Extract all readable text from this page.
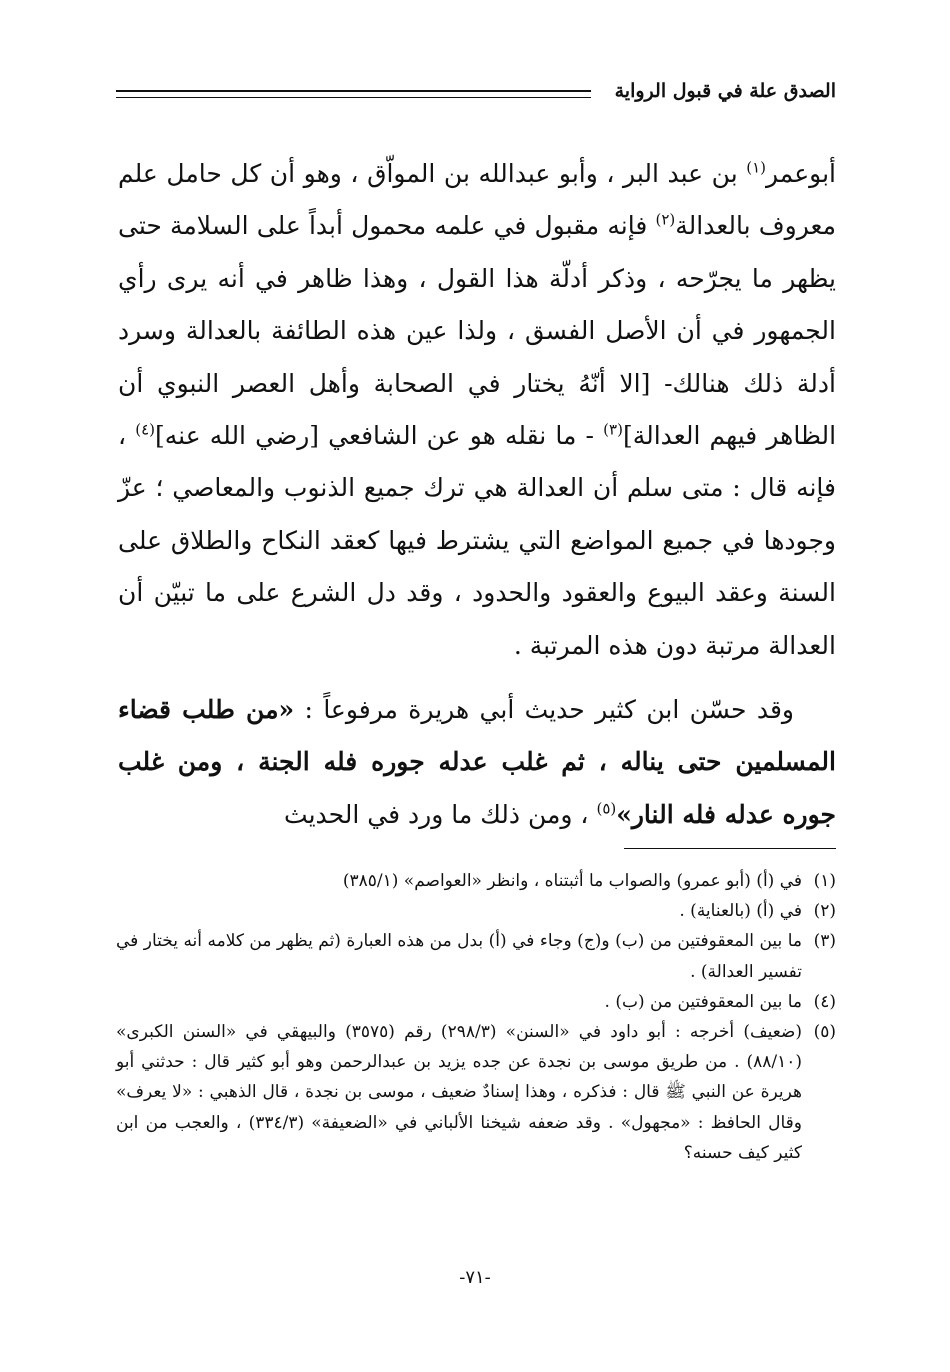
الصدق علة في قبول الرواية

أبوعمر$^{(١)}$ بن عبد البر ، وأبو عبدالله بن المواّق ، وهو أن كل حامل علم معروف بالعدالة$^{(٢)}$ فإنه مقبول في علمه محمول أبداً على السلامة حتى يظهر ما يجرّحه ، وذكر أدلّة هذا القول ، وهذا ظاهر في أنه يرى رأي الجمهور في أن الأصل الفسق ، ولذا عين هذه الطائفة بالعدالة وسرد أدلة ذلك هنالك- [الا أنّهُ يختار في الصحابة وأهل العصر النبوي أن الظاهر فيهم العدالة]$^{(٣)}$ - ما نقله هو عن الشافعي [رضي الله عنه]$^{(٤)}$ ، فإنه قال : متى سلم أن العدالة هي ترك جميع الذنوب والمعاصي ؛ عزّ وجودها في جميع المواضع التي يشترط فيها كعقد النكاح والطلاق على السنة وعقد البيوع والعقود والحدود ، وقد دل الشرع على ما تبيّن أن العدالة مرتبة دون هذه المرتبة .

وقد حسّن ابن كثير حديث أبي هريرة مرفوعاً : «من طلب قضاء المسلمين حتى يناله ، ثم غلب عدله جوره فله الجنة ، ومن غلب جوره عدله فله النار»$^{(٥)}$ ، ومن ذلك ما ورد في الحديث

(١)
في (أ) (أبو عمرو) والصواب ما أثبتناه ، وانظر «العواصم» (٣٨٥/١)
(٢)
في (أ) (بالعناية) .
(٣)
ما بين المعقوفتين من (ب) و(ج) وجاء في (أ) بدل من هذه العبارة (ثم يظهر من كلامه أنه يختار في تفسير العدالة) .
(٤)
ما بين المعقوفتين من (ب) .
(٥)
(ضعيف) أخرجه : أبو داود في «السنن» (٢٩٨/٣) رقم (٣٥٧٥) والبيهقي في «السنن الكبرى» (٨٨/١٠) . من طريق موسى بن نجدة عن جده يزيد بن عبدالرحمن وهو أبو كثير قال : حدثني أبو هريرة عن النبي ﷺ قال : فذكره ، وهذا إسنادٌ ضعيف ، موسى بن نجدة ، قال الذهبي : «لا يعرف» وقال الحافظ : «مجهول» . وقد ضعفه شيخنا الألباني في «الضعيفة» (٣٣٤/٣) ، والعجب من ابن كثير كيف حسنه؟
-٧١-
